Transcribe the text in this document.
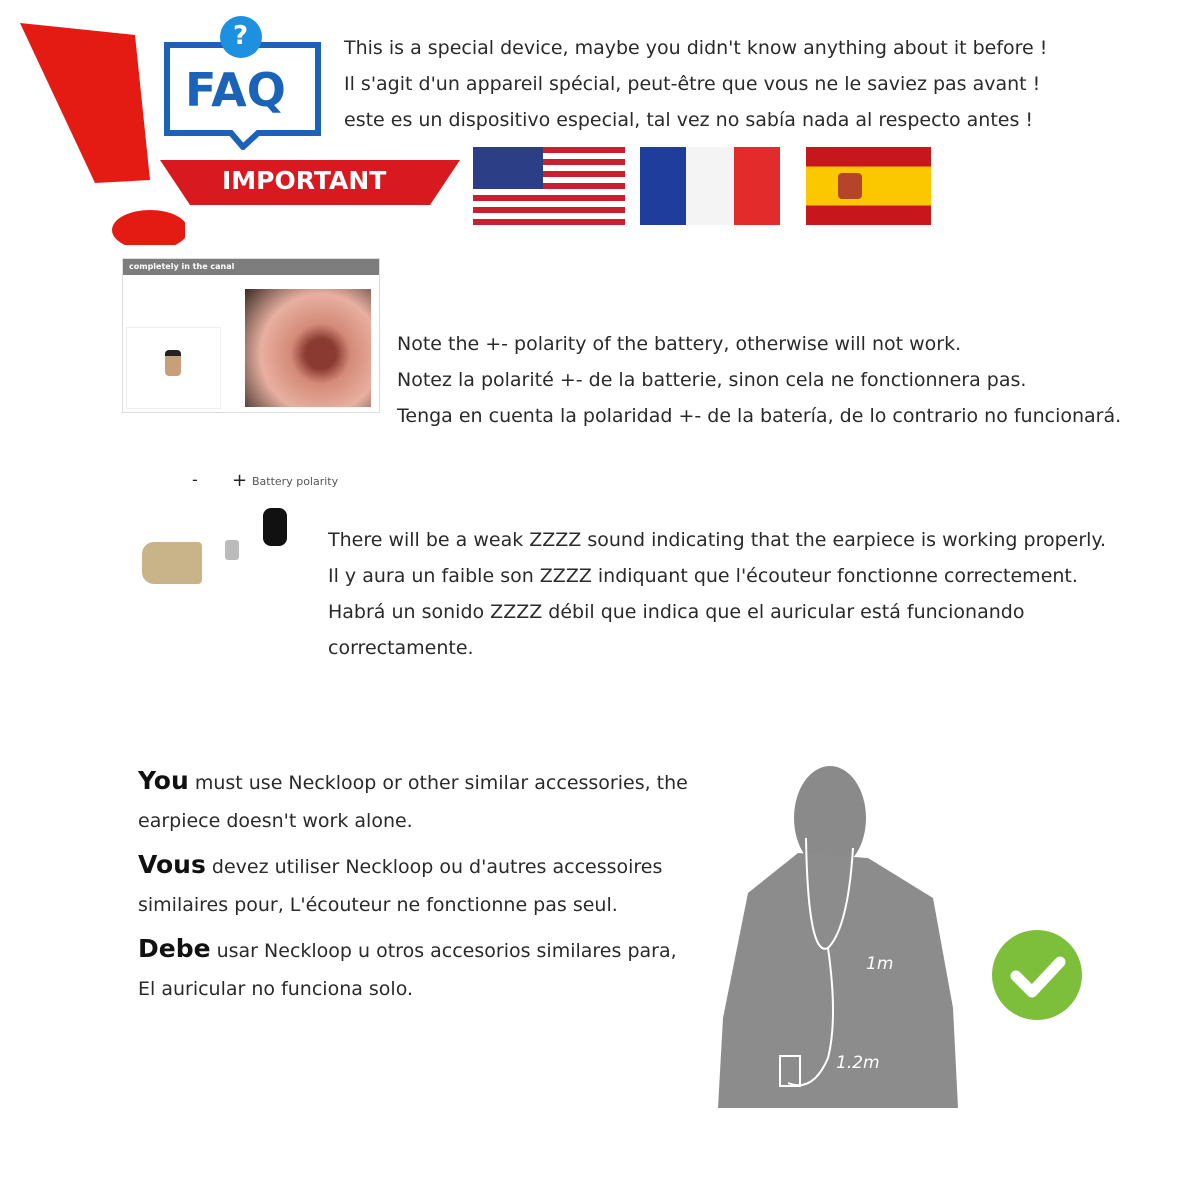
?
FAQ
IMPORTANT
This is a special device, maybe you didn't know anything about it before !
Il s'agit d'un appareil spécial, peut-être que vous ne le saviez pas avant !
este es un dispositivo especial, tal vez no sabía nada al respecto antes !
completely in the canal
Note the +- polarity of the battery, otherwise will not work.
Notez la polarité +- de la batterie, sinon cela ne fonctionnera pas.
Tenga en cuenta la polaridad +- de la batería, de lo contrario no funcionará.
- + Battery polarity
There will be a weak ZZZZ sound indicating that the earpiece is working properly.
Il y aura un faible son ZZZZ indiquant que l'écouteur fonctionne correctement.
Habrá un sonido ZZZZ débil que indica que el auricular está funcionando
correctamente.
You must use Neckloop or other similar accessories, the
earpiece doesn't work alone.
Vous devez utiliser Neckloop ou d'autres accessoires
similaires pour, L'écouteur ne fonctionne pas seul.
Debe usar Neckloop u otros accesorios similares para,
El auricular no funciona solo.
1m
1.2m
